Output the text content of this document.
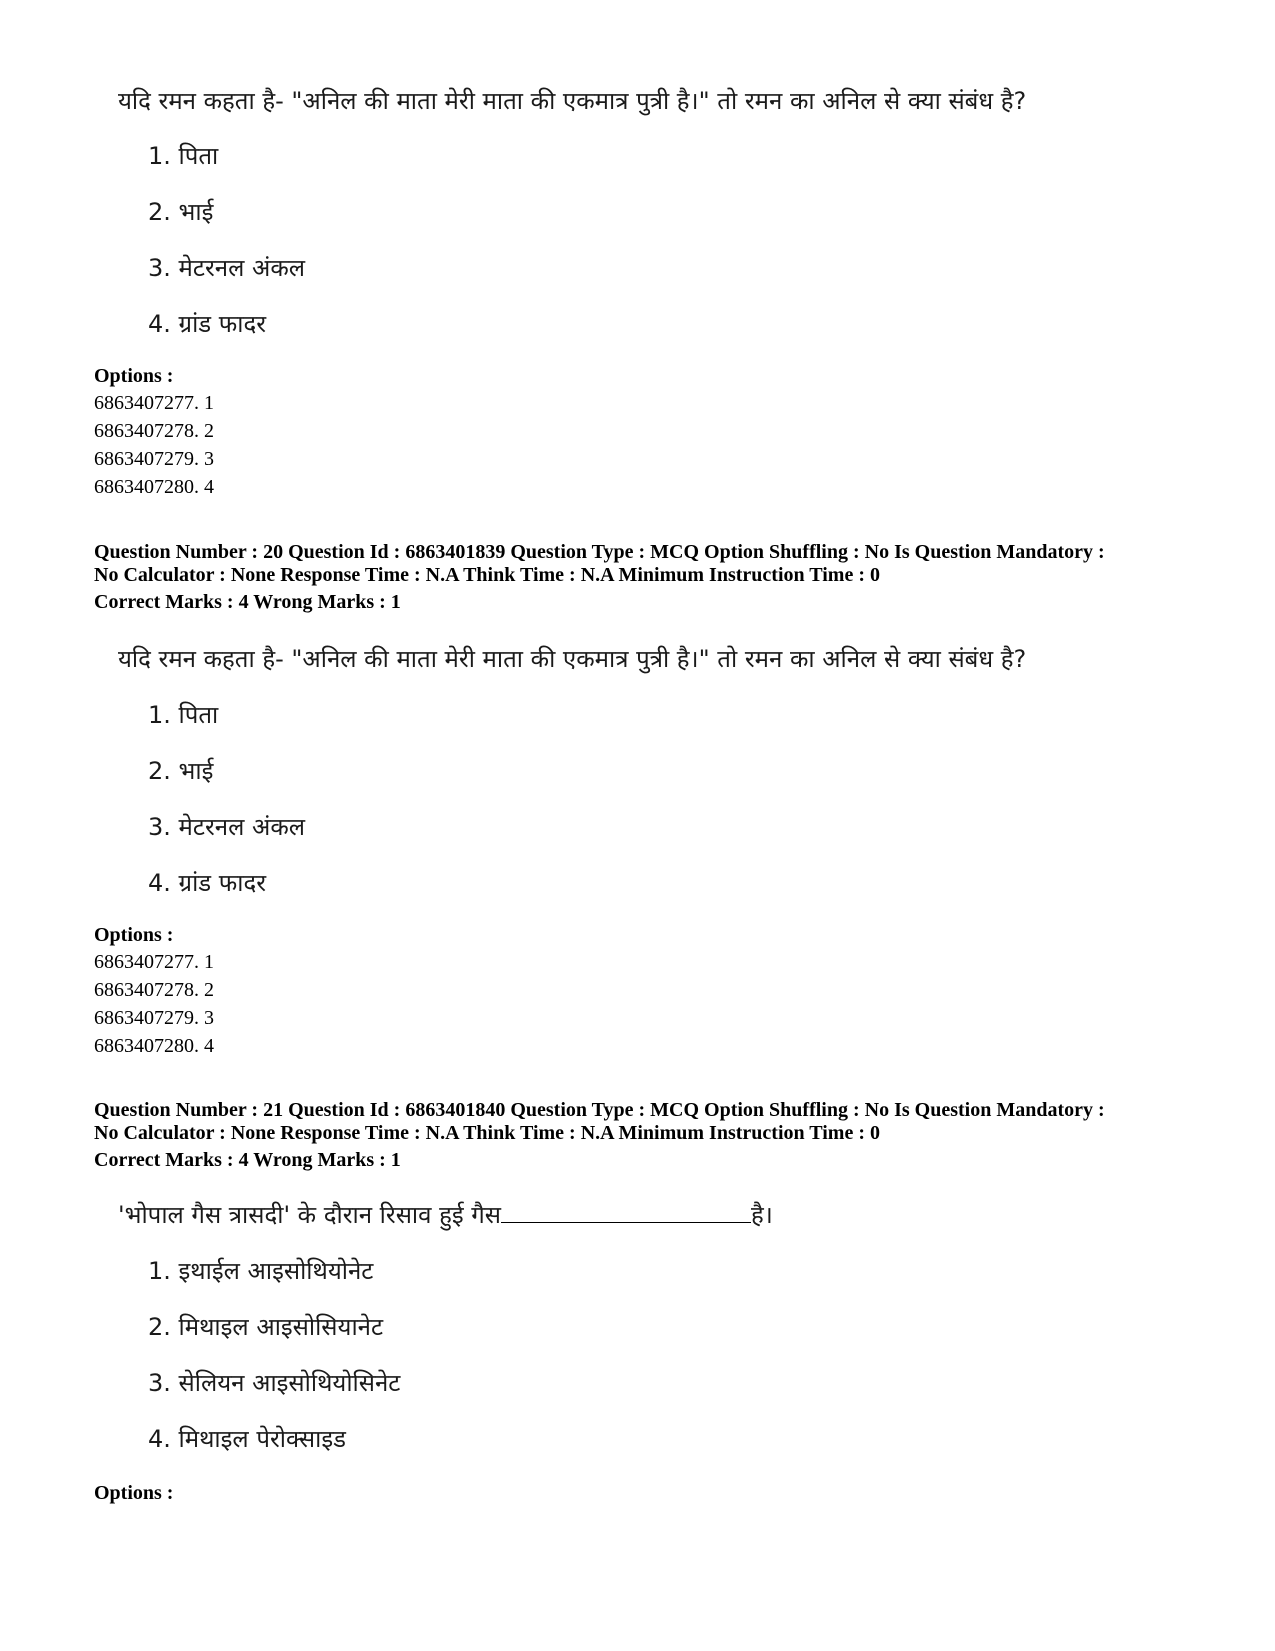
यदि रमन कहता है- "अनिल की माता मेरी माता की एकमात्र पुत्री है।" तो रमन का अनिल से क्या संबंध है?
1. पिता
2. भाई
3. मेटरनल अंकल
4. ग्रांड फादर
Options :
6863407277. 1
6863407278. 2
6863407279. 3
6863407280. 4
Question Number : 20 Question Id : 6863401839 Question Type : MCQ Option Shuffling : No Is Question Mandatory :
No Calculator : None Response Time : N.A Think Time : N.A Minimum Instruction Time : 0
Correct Marks : 4 Wrong Marks : 1
यदि रमन कहता है- "अनिल की माता मेरी माता की एकमात्र पुत्री है।" तो रमन का अनिल से क्या संबंध है?
1. पिता
2. भाई
3. मेटरनल अंकल
4. ग्रांड फादर
Options :
6863407277. 1
6863407278. 2
6863407279. 3
6863407280. 4
Question Number : 21 Question Id : 6863401840 Question Type : MCQ Option Shuffling : No Is Question Mandatory :
No Calculator : None Response Time : N.A Think Time : N.A Minimum Instruction Time : 0
Correct Marks : 4 Wrong Marks : 1
'भोपाल गैस त्रासदी' के दौरान रिसाव हुई गैस	है।
1. इथाईल आइसोथियोनेट
2. मिथाइल आइसोसियानेट
3. सेलियन आइसोथियोसिनेट
4. मिथाइल पेरोक्साइड
Options :
